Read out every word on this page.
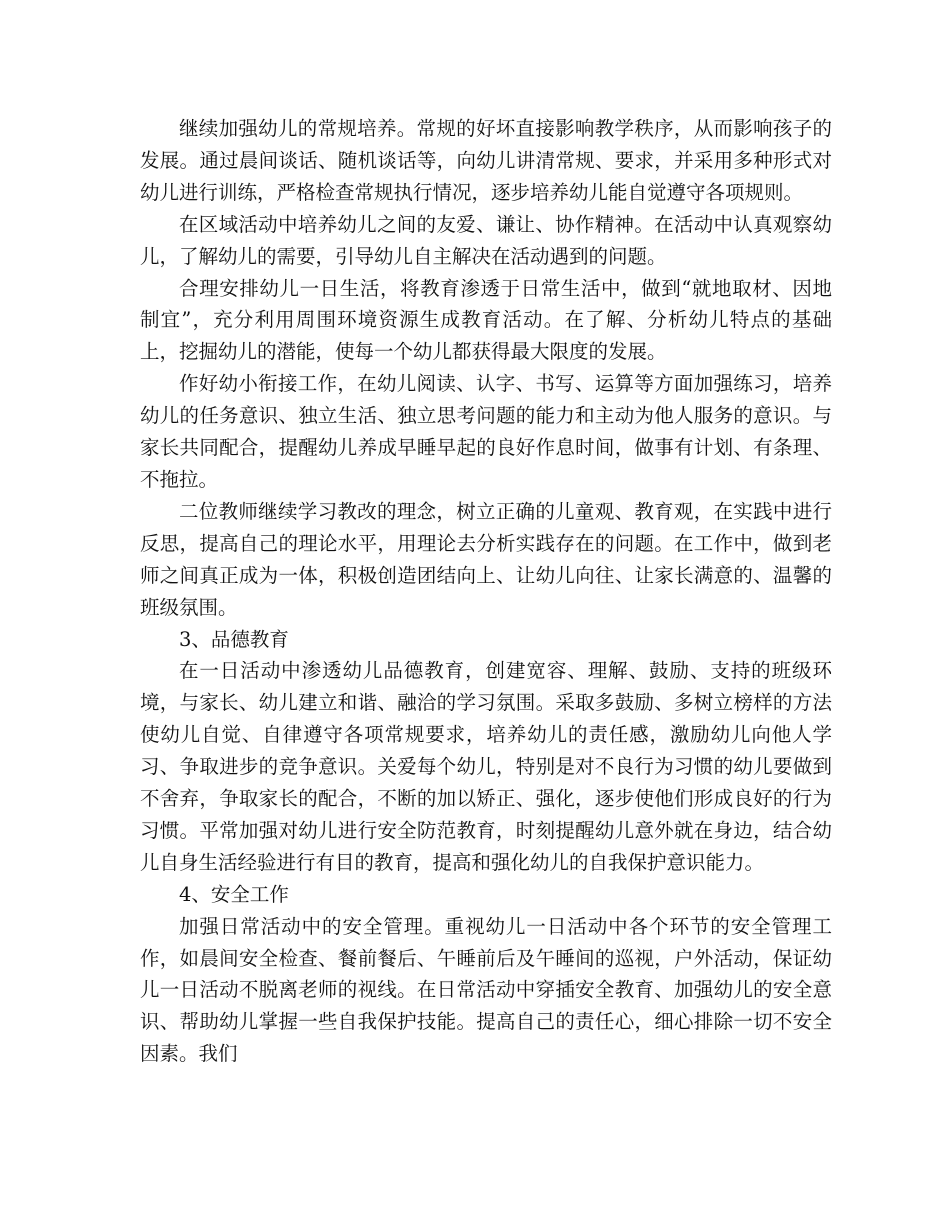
继续加强幼儿的常规培养。常规的好坏直接影响教学秩序，从而影响孩子的发展。通过晨间谈话、随机谈话等，向幼儿讲清常规、要求，并采用多种形式对幼儿进行训练，严格检查常规执行情况，逐步培养幼儿能自觉遵守各项规则。

在区域活动中培养幼儿之间的友爱、谦让、协作精神。在活动中认真观察幼儿，了解幼儿的需要，引导幼儿自主解决在活动遇到的问题。

合理安排幼儿一日生活，将教育渗透于日常生活中，做到“就地取材、因地制宜”，充分利用周围环境资源生成教育活动。在了解、分析幼儿特点的基础上，挖掘幼儿的潜能，使每一个幼儿都获得最大限度的发展。

作好幼小衔接工作，在幼儿阅读、认字、书写、运算等方面加强练习，培养幼儿的任务意识、独立生活、独立思考问题的能力和主动为他人服务的意识。与家长共同配合，提醒幼儿养成早睡早起的良好作息时间，做事有计划、有条理、不拖拉。

二位教师继续学习教改的理念，树立正确的儿童观、教育观，在实践中进行反思，提高自己的理论水平，用理论去分析实践存在的问题。在工作中，做到老师之间真正成为一体，积极创造团结向上、让幼儿向往、让家长满意的、温馨的班级氛围。

3、品德教育

在一日活动中渗透幼儿品德教育，创建宽容、理解、鼓励、支持的班级环境，与家长、幼儿建立和谐、融洽的学习氛围。采取多鼓励、多树立榜样的方法使幼儿自觉、自律遵守各项常规要求，培养幼儿的责任感，激励幼儿向他人学习、争取进步的竞争意识。关爱每个幼儿，特别是对不良行为习惯的幼儿要做到不舍弃，争取家长的配合，不断的加以矫正、强化，逐步使他们形成良好的行为习惯。平常加强对幼儿进行安全防范教育，时刻提醒幼儿意外就在身边，结合幼儿自身生活经验进行有目的教育，提高和强化幼儿的自我保护意识能力。

4、安全工作

加强日常活动中的安全管理。重视幼儿一日活动中各个环节的安全管理工作，如晨间安全检查、餐前餐后、午睡前后及午睡间的巡视，户外活动，保证幼儿一日活动不脱离老师的视线。在日常活动中穿插安全教育、加强幼儿的安全意识、帮助幼儿掌握一些自我保护技能。提高自己的责任心，细心排除一切不安全因素。我们
